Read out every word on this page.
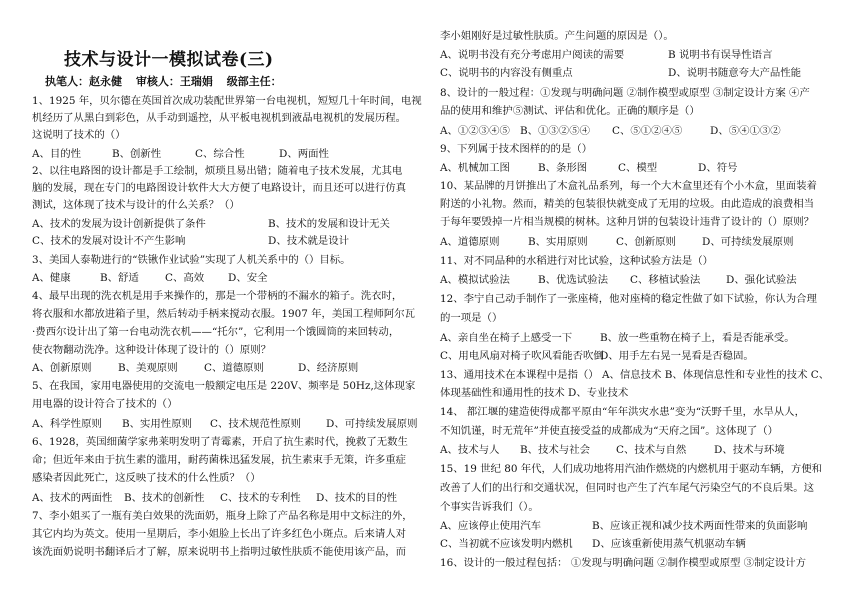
技术与设计一模拟试卷(三)
执笔人：赵永健 审核人：王瑞娟 级部主任：
1、1925 年，贝尔德在英国首次成功装配世界第一台电视机，短短几十年时间，电视
机经历了从黑白到彩色，从手动到遥控，从平板电视机到液晶电视机的发展历程。
这说明了技术的（）
A、目的性	B、创新性	C、综合性	D、两面性
2、以往电路图的设计都是手工绘制，烦琐且易出错；随着电子技术发展，尤其电
脑的发展，现在专门的电路图设计软件大大方便了电路设计，而且还可以进行仿真
测试，这体现了技术与设计的什么关系？（）
A、技术的发展为设计创新提供了条件	B、技术的发展和设计无关
C、技术的发展对设计不产生影响	D、技术就是设计
3、美国人泰勒进行的“铁锹作业试验”实现了人机关系中的（）目标。
A、健康	B、舒适	C、高效 D、安全
4、最早出现的洗衣机是用手来操作的，那是一个带柄的不漏水的箱子。洗衣时，
将衣服和水都放进箱子里，然后转动手柄来搅动衣服。1907 年，美国工程师阿尔瓦
·费西尔设计出了第一台电动洗衣机——“托尔”，它利用一个饿圆筒的来回转动，
使衣物翻动洗净。这种设计体现了设计的（）原则？
A、创新原则	B、美观原则	C、道德原则	D、经济原则
5、在我国，家用电器使用的交流电一般额定电压是 220V、频率是 50Hz,这体现家
用电器的设计符合了技术的（）
A、科学性原则 B、实用性原则 C、技术规范性原则 D、可持续发展原则
6、1928，英国细菌学家弗莱明发明了青霉素，开启了抗生素时代，挽救了无数生
命；但近年来由于抗生素的滥用，耐药菌株迅猛发展，抗生素束手无策，许多重症
感染者因此死亡，这反映了技术的什么性质？（）
A、技术的两面性 B、技术的创新性 C、技术的专利性 D、技术的目的性
7、李小姐买了一瓶有美白效果的洗面奶，瓶身上除了产品名称是用中文标注的外，
其它内均为英文。使用一星期后，李小姐脸上长出了许多红色小斑点。后来请人对
该洗面奶说明书翻译后才了解，原来说明书上指明过敏性肤质不能使用该产品，而
李小姐刚好是过敏性肤质。产生问题的原因是（）。
A、说明书没有充分考虑用户阅读的需要	B 说明书有误导性语言
C、说明书的内容没有侧重点	D、说明书随意夸大产品性能
8、设计的一般过程：①发现与明确问题 ②制作模型或原型 ③制定设计方案 ④产
品的使用和维护⑤测试、评估和优化。正确的顺序是（）
A、①②③④⑤ B、①③②⑤④ C、⑤①②④⑤	D、⑤④①③②
9、下列属于技术图样的的是（）
A、机械加工图	B、条形图	C、模型	D、符号
10、某品牌的月饼推出了木盒礼品系列，每一个大木盒里还有个小木盒，里面装着
附送的小礼物。然而，精美的包装很快就变成了无用的垃圾。由此造成的浪费相当
于每年要毁掉一片相当规模的树林。这种月饼的包装设计违背了设计的（）原则？
A、道德原则	B、实用原则	C、创新原则	D、可持续发展原则
11、对不同品种的水稻进行对比试验，这种试验方法是（）
A、模拟试验法	B、优选试验法 C、移植试验法 D、强化试验法
12、李宁自己动手制作了一张座椅，他对座椅的稳定性做了如下试验，你认为合理
的一项是（）
A、亲自坐在椅子上感受一下	B、放一些重物在椅子上，看是否能承受。
C、用电风扇对椅子吹风看能否吹倒
D、用手左右晃一晃看是否稳固。
13、通用技术在本课程中是指（） A、信息技术 B、体现信息性和专业性的技术 C、
体现基础性和通用性的技术 D、专业技术
14、 都江堰的建造使得成都平原由“年年洪灾水患”变为“沃野千里，水旱从人，
不知饥谨，时无荒年”并使直接受益的成都成为“天府之国”。这体现了（）
A、技术与人 B、技术与社会	C、技术与自然	D、技术与环境
15、19 世纪 80 年代，人们成功地将用汽油作燃烧的内燃机用于驱动车辆，方便和
改善了人们的出行和交通状况，但同时也产生了汽车尾气污染空气的不良后果。这
个事实告诉我们（）。
A、应该停止使用汽车	B、应该正视和减少技术两面性带来的负面影响
C、当初就不应该发明内燃机 D、应该重新使用蒸气机驱动车辆
16、设计的一般过程包括： ①发现与明确问题 ②制作模型或原型 ③制定设计方
